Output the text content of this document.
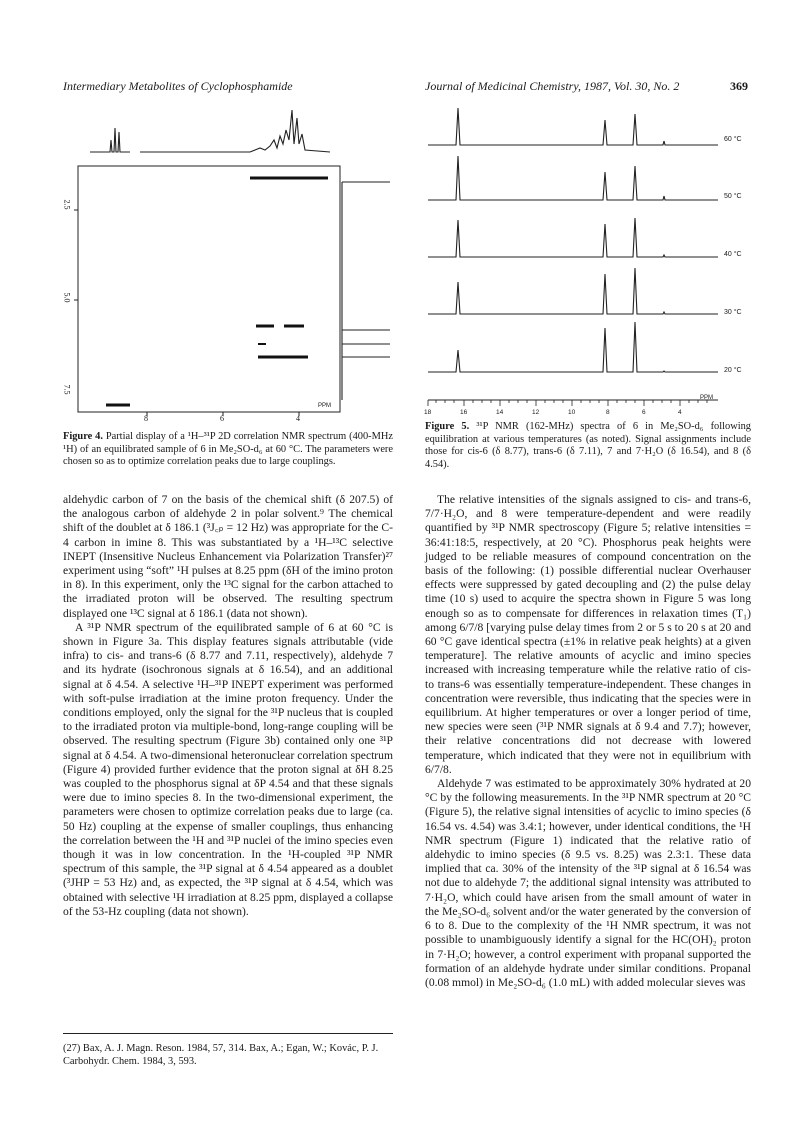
Intermediary Metabolites of Cyclophosphamide	Journal of Medicinal Chemistry, 1987, Vol. 30, No. 2	369
2.5
5.0
7.5
8	6	4
PPM
Figure 4. Partial display of a ¹H–³¹P 2D correlation NMR spectrum (400-MHz ¹H) of an equilibrated sample of 6 in Me₂SO-d₆ at 60 °C. The parameters were chosen so as to optimize correlation peaks due to large couplings.
60 °C
50 °C
40 °C
30 °C
20 °C
18	16	14	12	10	8	6	4
PPM
Figure 5. ³¹P NMR (162-MHz) spectra of 6 in Me₂SO-d₆ following equilibration at various temperatures (as noted). Signal assignments include those for cis-6 (δ 8.77), trans-6 (δ 7.11), 7 and 7·H₂O (δ 16.54), and 8 (δ 4.54).

aldehydic carbon of 7 on the basis of the chemical shift (δ 207.5) of the analogous carbon of aldehyde 2 in polar solvent.⁹ The chemical shift of the doublet at δ 186.1 (³J꜀ₚ = 12 Hz) was appropriate for the C-4 carbon in imine 8. This was substantiated by a ¹H–¹³C selective INEPT (Insensitive Nucleus Enhancement via Polarization Transfer)²⁷ experiment using “soft” ¹H pulses at 8.25 ppm (δH of the imino proton in 8). In this experiment, only the ¹³C signal for the carbon attached to the irradiated proton will be observed. The resulting spectrum displayed one ¹³C signal at δ 186.1 (data not shown).

A ³¹P NMR spectrum of the equilibrated sample of 6 at 60 °C is shown in Figure 3a. This display features signals attributable (vide infra) to cis- and trans-6 (δ 8.77 and 7.11, respectively), aldehyde 7 and its hydrate (isochronous signals at δ 16.54), and an additional signal at δ 4.54. A selective ¹H–³¹P INEPT experiment was performed with soft-pulse irradiation at the imine proton frequency. Under the conditions employed, only the signal for the ³¹P nucleus that is coupled to the irradiated proton via multiple-bond, long-range coupling will be observed. The resulting spectrum (Figure 3b) contained only one ³¹P signal at δ 4.54. A two-dimensional heteronuclear correlation spectrum (Figure 4) provided further evidence that the proton signal at δH 8.25 was coupled to the phosphorus signal at δP 4.54 and that these signals were due to imino species 8. In the two-dimensional experiment, the parameters were chosen to optimize correlation peaks due to large (ca. 50 Hz) coupling at the expense of smaller couplings, thus enhancing the correlation between the ¹H and ³¹P nuclei of the imino species even though it was in low concentration. In the ¹H-coupled ³¹P NMR spectrum of this sample, the ³¹P signal at δ 4.54 appeared as a doublet (³JHP = 53 Hz) and, as expected, the ³¹P signal at δ 4.54, which was obtained with selective ¹H irradiation at 8.25 ppm, displayed a collapse of the 53-Hz coupling (data not shown).

(27) Bax, A. J. Magn. Reson. 1984, 57, 314. Bax, A.; Egan, W.; Kovác, P. J. Carbohydr. Chem. 1984, 3, 593.

The relative intensities of the signals assigned to cis- and trans-6, 7/7·H₂O, and 8 were temperature-dependent and were readily quantified by ³¹P NMR spectroscopy (Figure 5; relative intensities = 36:41:18:5, respectively, at 20 °C). Phosphorus peak heights were judged to be reliable measures of compound concentration on the basis of the following: (1) possible differential nuclear Overhauser effects were suppressed by gated decoupling and (2) the pulse delay time (10 s) used to acquire the spectra shown in Figure 5 was long enough so as to compensate for differences in relaxation times (T₁) among 6/7/8 [varying pulse delay times from 2 or 5 s to 20 s at 20 and 60 °C gave identical spectra (±1% in relative peak heights) at a given temperature]. The relative amounts of acyclic and imino species increased with increasing temperature while the relative ratio of cis- to trans-6 was essentially temperature-independent. These changes in concentration were reversible, thus indicating that the species were in equilibrium. At higher temperatures or over a longer period of time, new species were seen (³¹P NMR signals at δ 9.4 and 7.7); however, their relative concentrations did not decrease with lowered temperature, which indicated that they were not in equilibrium with 6/7/8.

Aldehyde 7 was estimated to be approximately 30% hydrated at 20 °C by the following measurements. In the ³¹P NMR spectrum at 20 °C (Figure 5), the relative signal intensities of acyclic to imino species (δ 16.54 vs. 4.54) was 3.4:1; however, under identical conditions, the ¹H NMR spectrum (Figure 1) indicated that the relative ratio of aldehydic to imino species (δ 9.5 vs. 8.25) was 2.3:1. These data implied that ca. 30% of the intensity of the ³¹P signal at δ 16.54 was not due to aldehyde 7; the additional signal intensity was attributed to 7·H₂O, which could have arisen from the small amount of water in the Me₂SO-d₆ solvent and/or the water generated by the conversion of 6 to 8. Due to the complexity of the ¹H NMR spectrum, it was not possible to unambiguously identify a signal for the HC(OH)₂ proton in 7·H₂O; however, a control experiment with propanal supported the formation of an aldehyde hydrate under similar conditions. Propanal (0.08 mmol) in Me₂SO-d₆ (1.0 mL) with added molecular sieves was
